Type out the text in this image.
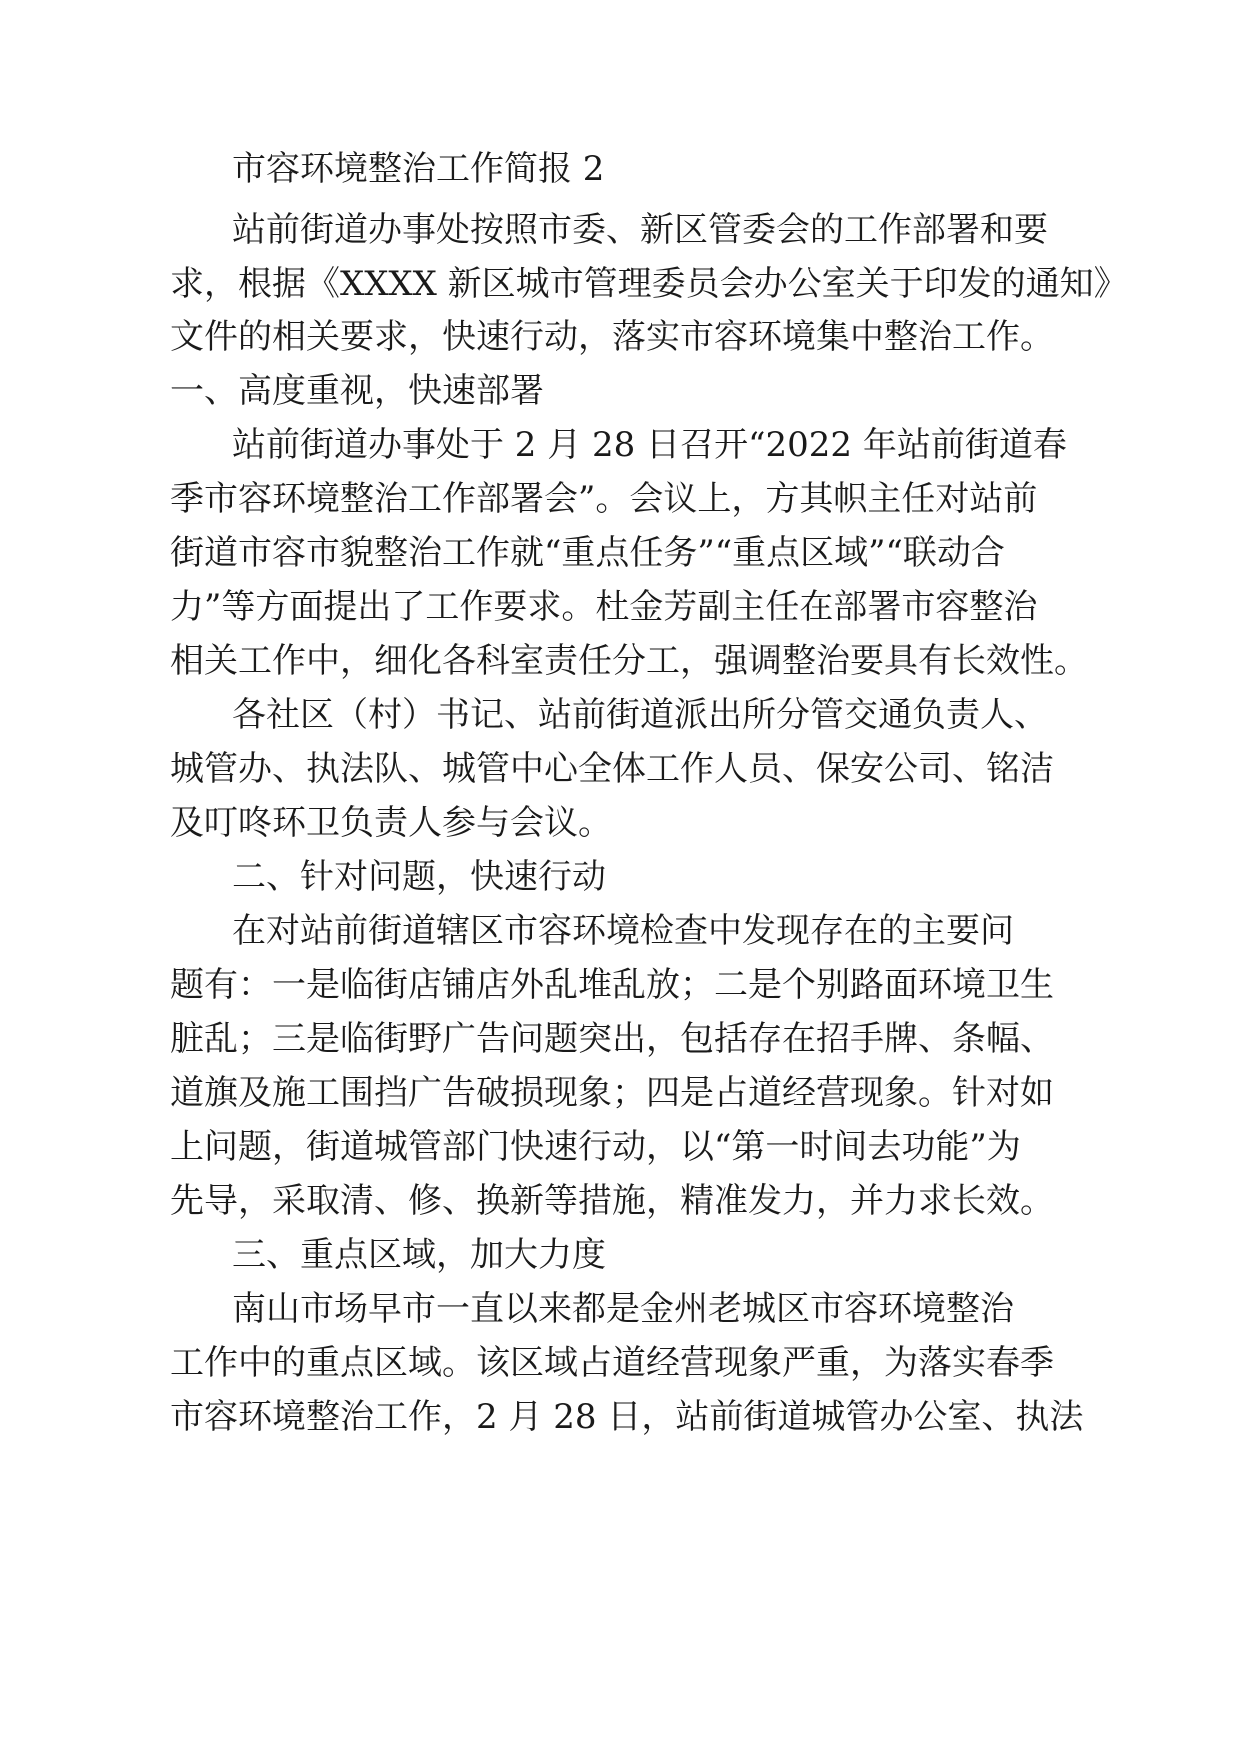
市容环境整治工作简报 2
站前街道办事处按照市委、新区管委会的工作部署和要
求，根据《XXXX 新区城市管理委员会办公室关于印发的通知》
文件的相关要求，快速行动，落实市容环境集中整治工作。
一、高度重视，快速部署
站前街道办事处于 2 月 28 日召开“2022 年站前街道春
季市容环境整治工作部署会”。会议上，方其帜主任对站前
街道市容市貌整治工作就“重点任务”“重点区域”“联动合
力”等方面提出了工作要求。杜金芳副主任在部署市容整治
相关工作中，细化各科室责任分工，强调整治要具有长效性。
各社区（村）书记、站前街道派出所分管交通负责人、
城管办、执法队、城管中心全体工作人员、保安公司、铭洁
及叮咚环卫负责人参与会议。
二、针对问题，快速行动
在对站前街道辖区市容环境检查中发现存在的主要问
题有：一是临街店铺店外乱堆乱放；二是个别路面环境卫生
脏乱；三是临街野广告问题突出，包括存在招手牌、条幅、
道旗及施工围挡广告破损现象；四是占道经营现象。针对如
上问题，街道城管部门快速行动，以“第一时间去功能”为
先导，采取清、修、换新等措施，精准发力，并力求长效。
三、重点区域，加大力度
南山市场早市一直以来都是金州老城区市容环境整治
工作中的重点区域。该区域占道经营现象严重，为落实春季
市容环境整治工作，2 月 28 日，站前街道城管办公室、执法
